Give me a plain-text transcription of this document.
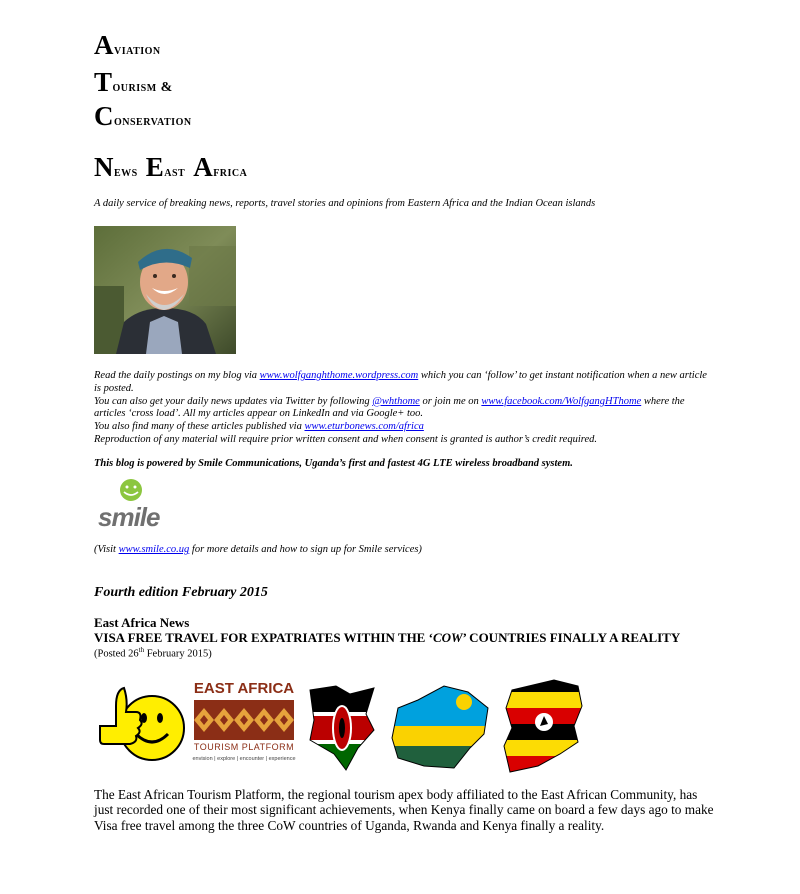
Aviation
Tourism &
Conservation
News East Africa
A daily service of breaking news, reports, travel stories and opinions from Eastern Africa and the Indian Ocean islands
Read the daily postings on my blog via www.wolfganghthome.wordpress.com which you can ‘follow’ to get instant notification when a new article is posted.
You can also get your daily news updates via Twitter by following @whthome or join me on www.facebook.com/WolfgangHThome where the articles ‘cross load’. All my articles appear on LinkedIn and via Google+ too.
You also find many of these articles published via www.eturbonews.com/africa
Reproduction of any material will require prior written consent and when consent is granted is author’s credit required.
This blog is powered by Smile Communications, Uganda’s first and fastest 4G LTE wireless broadband system.
smile
(Visit www.smile.co.ug for more details and how to sign up for Smile services)
Fourth edition February 2015
East Africa News
VISA FREE TRAVEL FOR EXPATRIATES WITHIN THE ‘COW’ COUNTRIES FINALLY A REALITY
(Posted 26th February 2015)
EAST AFRICA
TOURISM PLATFORM
envision | explore | encounter | experience
The East African Tourism Platform, the regional tourism apex body affiliated to the East African Community, has just recorded one of their most significant achievements, when Kenya finally came on board a few days ago to make Visa free travel among the three CoW countries of Uganda, Rwanda and Kenya finally a reality.
